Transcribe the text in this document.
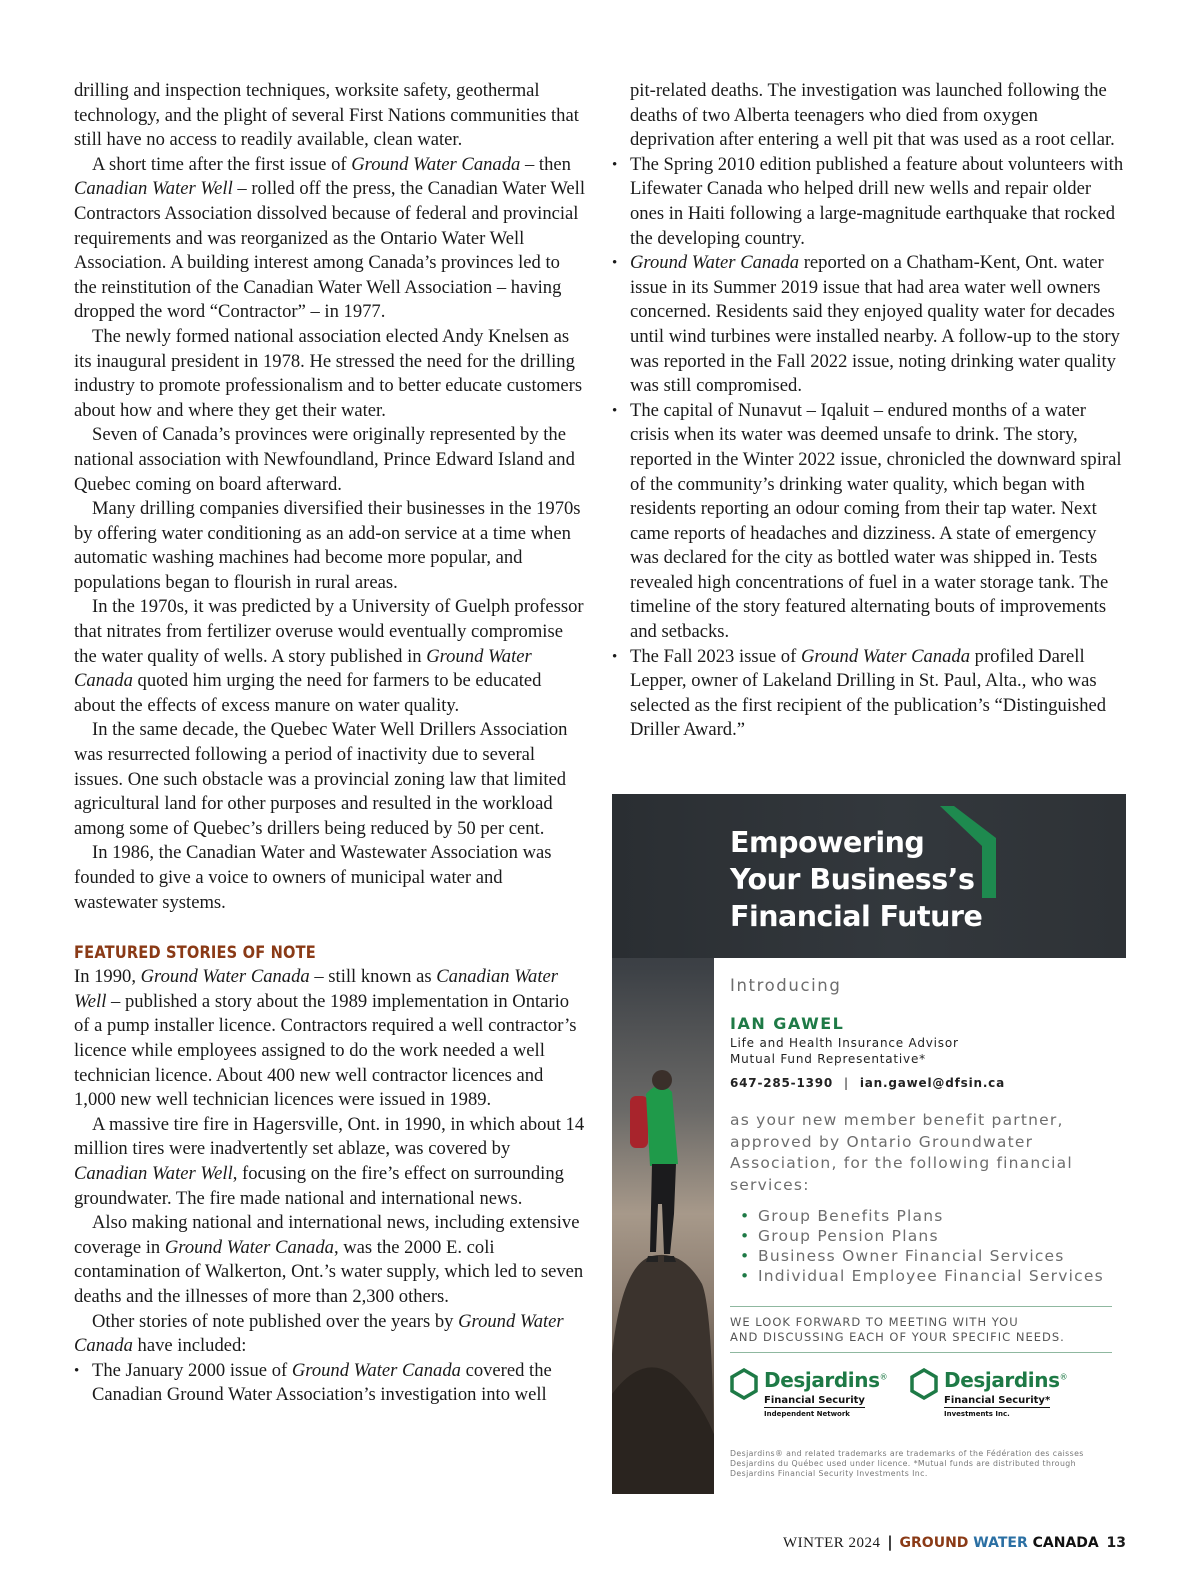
drilling and inspection techniques, worksite safety, geothermal technology, and the plight of several First Nations communities that still have no access to readily available, clean water.

A short time after the first issue of Ground Water Canada – then Canadian Water Well – rolled off the press, the Canadian Water Well Contractors Association dissolved because of federal and provincial requirements and was reorganized as the Ontario Water Well Association. A building interest among Canada’s provinces led to the reinstitution of the Canadian Water Well Association – having dropped the word “Contractor” – in 1977.

The newly formed national association elected Andy Knelsen as its inaugural president in 1978. He stressed the need for the drilling industry to promote professionalism and to better educate customers about how and where they get their water.

Seven of Canada’s provinces were originally represented by the national association with Newfoundland, Prince Edward Island and Quebec coming on board afterward.

Many drilling companies diversified their businesses in the 1970s by offering water conditioning as an add-on service at a time when automatic washing machines had become more popular, and populations began to flourish in rural areas.

In the 1970s, it was predicted by a University of Guelph professor that nitrates from fertilizer overuse would eventually compromise the water quality of wells. A story published in Ground Water Canada quoted him urging the need for farmers to be educated about the effects of excess manure on water quality.

In the same decade, the Quebec Water Well Drillers Association was resurrected following a period of inactivity due to several issues. One such obstacle was a provincial zoning law that limited agricultural land for other purposes and resulted in the workload among some of Quebec’s drillers being reduced by 50 per cent.

In 1986, the Canadian Water and Wastewater Association was founded to give a voice to owners of municipal water and wastewater systems.

FEATURED STORIES OF NOTE

In 1990, Ground Water Canada – still known as Canadian Water Well – published a story about the 1989 implementation in Ontario of a pump installer licence. Contractors required a well contractor’s licence while employees assigned to do the work needed a well technician licence. About 400 new well contractor licences and 1,000 new well technician licences were issued in 1989.

A massive tire fire in Hagersville, Ont. in 1990, in which about 14 million tires were inadvertently set ablaze, was covered by Canadian Water Well, focusing on the fire’s effect on surrounding groundwater. The fire made national and international news.

Also making national and international news, including extensive coverage in Ground Water Canada, was the 2000 E. coli contamination of Walkerton, Ont.’s water supply, which led to seven deaths and the illnesses of more than 2,300 others.

Other stories of note published over the years by Ground Water Canada have included:

• The January 2000 issue of Ground Water Canada covered the Canadian Ground Water Association’s investigation into well
pit-related deaths. The investigation was launched following the deaths of two Alberta teenagers who died from oxygen deprivation after entering a well pit that was used as a root cellar.
• The Spring 2010 edition published a feature about volunteers with Lifewater Canada who helped drill new wells and repair older ones in Haiti following a large-magnitude earthquake that rocked the developing country.
• Ground Water Canada reported on a Chatham-Kent, Ont. water issue in its Summer 2019 issue that had area water well owners concerned. Residents said they enjoyed quality water for decades until wind turbines were installed nearby. A follow-up to the story was reported in the Fall 2022 issue, noting drinking water quality was still compromised.
• The capital of Nunavut – Iqaluit – endured months of a water crisis when its water was deemed unsafe to drink. The story, reported in the Winter 2022 issue, chronicled the downward spiral of the community’s drinking water quality, which began with residents reporting an odour coming from their tap water. Next came reports of headaches and dizziness. A state of emergency was declared for the city as bottled water was shipped in. Tests revealed high concentrations of fuel in a water storage tank. The timeline of the story featured alternating bouts of improvements and setbacks.
• The Fall 2023 issue of Ground Water Canada profiled Darell Lepper, owner of Lakeland Drilling in St. Paul, Alta., who was selected as the first recipient of the publication’s “Distinguished Driller Award.”
Empowering
Your Business’s
Financial Future
Introducing
IAN GAWEL
Life and Health Insurance Advisor
Mutual Fund Representative*
647-285-1390 | ian.gawel@dfsin.ca
as your new member benefit partner, approved by Ontario Groundwater Association, for the following financial services:
• Group Benefits Plans
• Group Pension Plans
• Business Owner Financial Services
• Individual Employee Financial Services
WE LOOK FORWARD TO MEETING WITH YOU
AND DISCUSSING EACH OF YOUR SPECIFIC NEEDS.
Desjardins®
Financial Security
Independent Network
Desjardins®
Financial Security*
Investments Inc.
Desjardins® and related trademarks are trademarks of the Fédération des caisses Desjardins du Québec used under licence. *Mutual funds are distributed through Desjardins Financial Security Investments Inc.
WINTER 2024 | GROUND WATER CANADA 13
